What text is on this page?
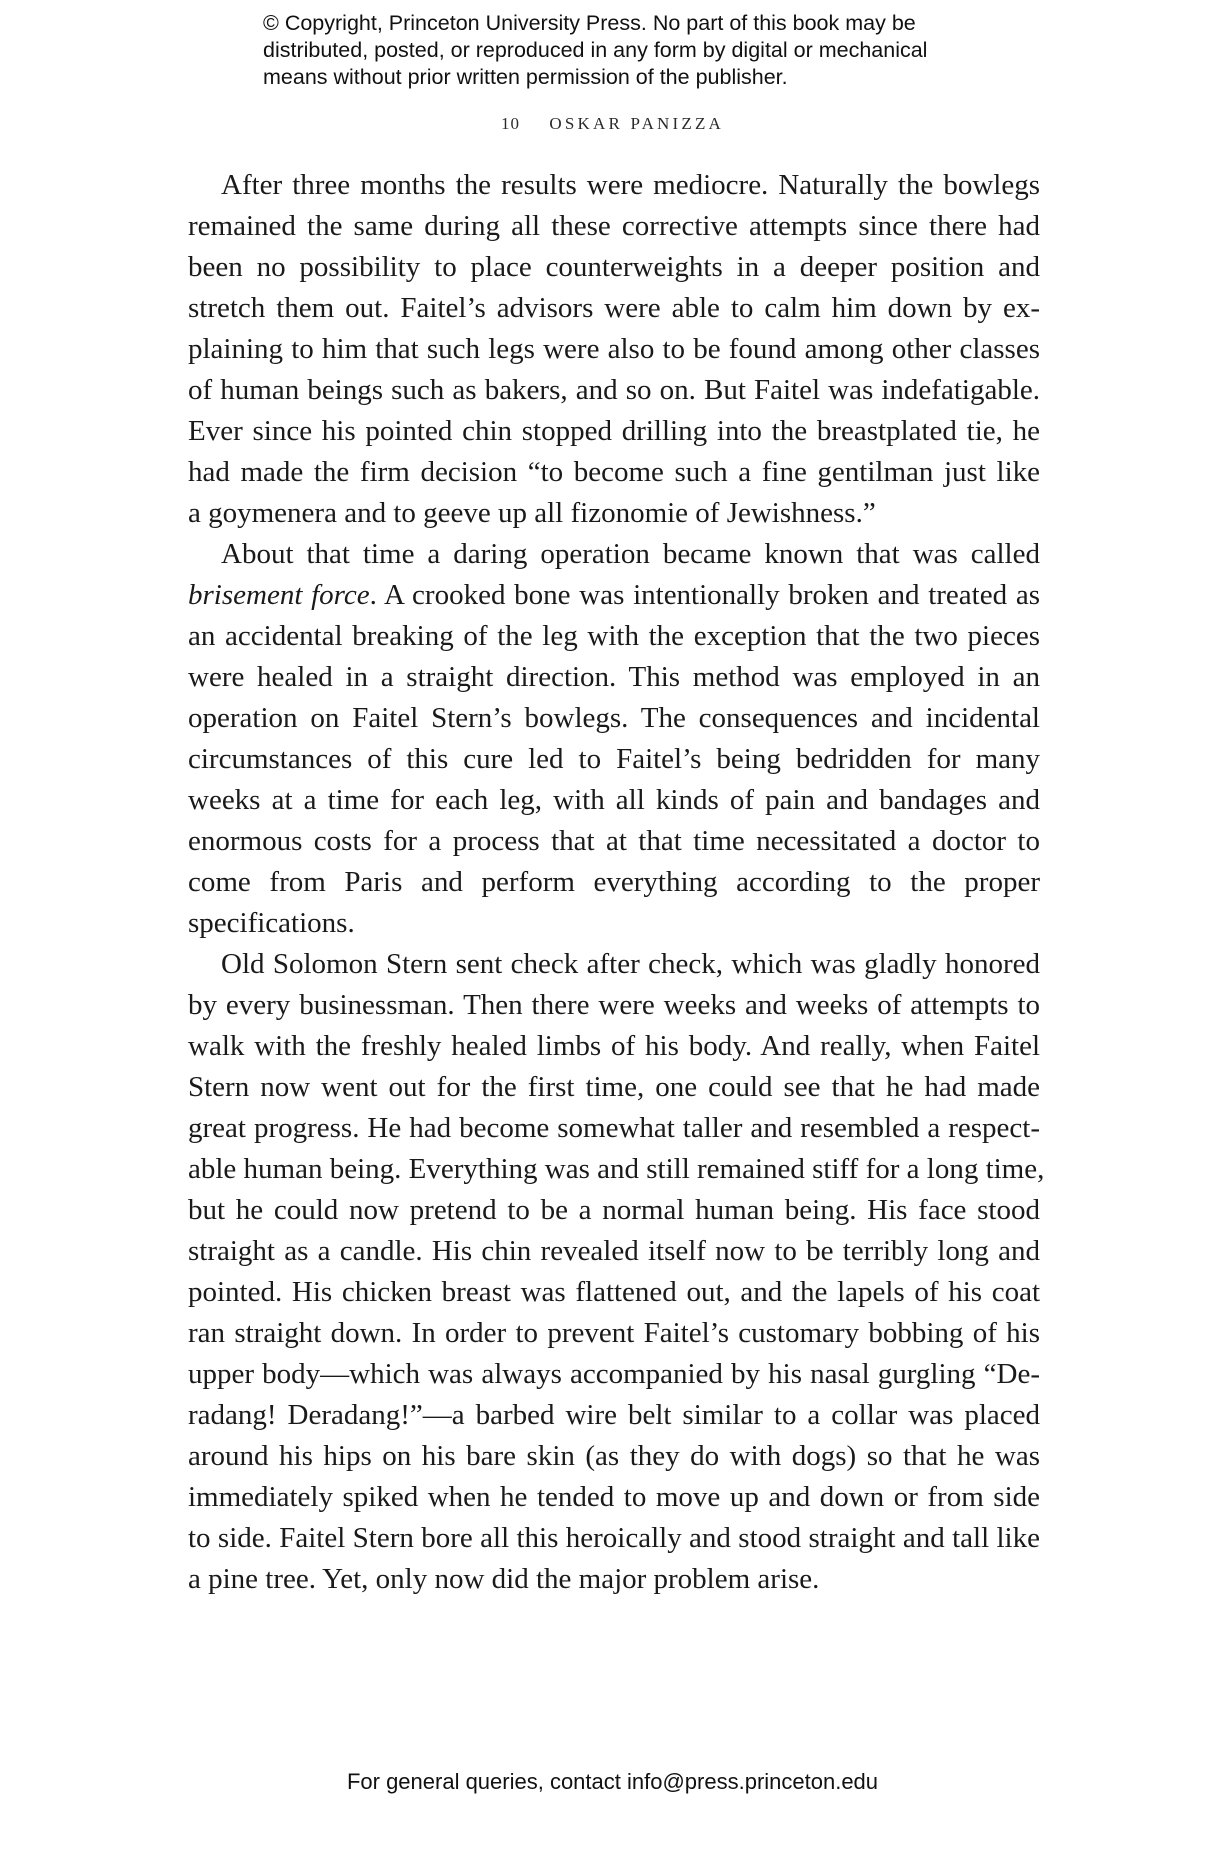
© Copyright, Princeton University Press. No part of this book may be
distributed, posted, or reproduced in any form by digital or mechanical
means without prior written permission of the publisher.
10 OSKAR PANIZZA

After three months the results were mediocre. Naturally the bowlegs
remained the same during all these corrective attempts since there had
been no possibility to place counterweights in a deeper position and
stretch them out. Faitel’s advisors were able to calm him down by ex-
plaining to him that such legs were also to be found among other classes
of human beings such as bakers, and so on. But Faitel was indefatigable.
Ever since his pointed chin stopped drilling into the breastplated tie, he
had made the firm decision “to become such a fine gentilman just like
a goymenera and to geeve up all fizonomie of Jewishness.”

About that time a daring operation became known that was called
brisement force. A crooked bone was intentionally broken and treated as
an accidental breaking of the leg with the exception that the two pieces
were healed in a straight direction. This method was employed in an
operation on Faitel Stern’s bowlegs. The consequences and incidental
circumstances of this cure led to Faitel’s being bedridden for many
weeks at a time for each leg, with all kinds of pain and bandages and
enormous costs for a process that at that time necessitated a doctor to
come from Paris and perform everything according to the proper
specifications.

Old Solomon Stern sent check after check, which was gladly honored
by every businessman. Then there were weeks and weeks of attempts to
walk with the freshly healed limbs of his body. And really, when Faitel
Stern now went out for the first time, one could see that he had made
great progress. He had become somewhat taller and resembled a respect-
able human being. Everything was and still remained stiff for a long time,
but he could now pretend to be a normal human being. His face stood
straight as a candle. His chin revealed itself now to be terribly long and
pointed. His chicken breast was flattened out, and the lapels of his coat
ran straight down. In order to prevent Faitel’s customary bobbing of his
upper body—which was always accompanied by his nasal gurgling “De-
radang! Deradang!”—a barbed wire belt similar to a collar was placed
around his hips on his bare skin (as they do with dogs) so that he was
immediately spiked when he tended to move up and down or from side
to side. Faitel Stern bore all this heroically and stood straight and tall like
a pine tree. Yet, only now did the major problem arise.

For general queries, contact info@press.princeton.edu
